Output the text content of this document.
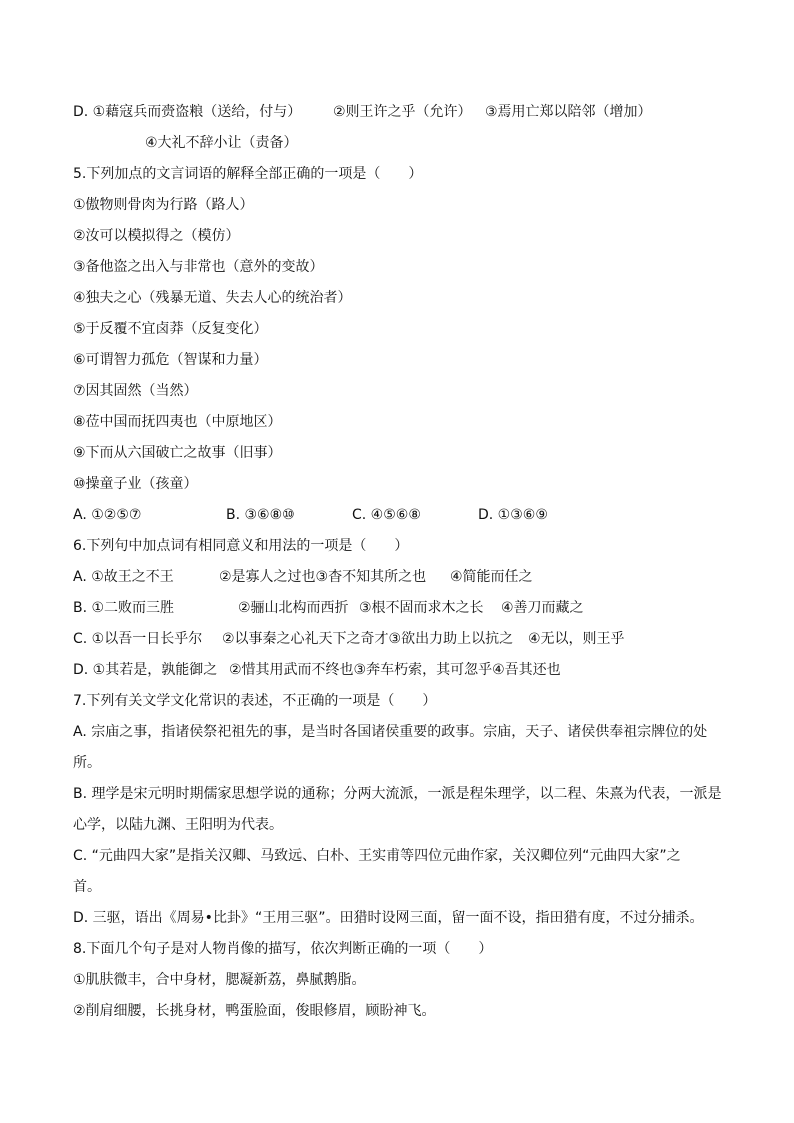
D. ①藉寇兵而赍盗粮（送给，付与） ②则王许之乎（允许） ③焉用亡郑以陪邻（增加）
④大礼不辞小让（责备）
5.下列加点的文言词语的解释全部正确的一项是（　　）
①傲物则骨肉为行路（路人）
②汝可以模拟得之（模仿）
③备他盗之出入与非常也（意外的变故）
④独夫之心（残暴无道、失去人心的统治者）
⑤于反覆不宜卤莽（反复变化）
⑥可谓智力孤危（智谋和力量）
⑦因其固然（当然）
⑧莅中国而抚四夷也（中原地区）
⑨下而从六国破亡之故事（旧事）
⑩操童子业（孩童）
A. ①②⑤⑦	B. ③⑥⑧⑩	C. ④⑤⑥⑧	D. ①③⑥⑨
6.下列句中加点词有相同意义和用法的一项是（　　）
A. ①故王之不王	②是寡人之过也③杳不知其所之也 ④简能而任之
B. ①二败而三胜	②骊山北构而西折 ③根不固而求木之长 ④善刀而藏之
C. ①以吾一日长乎尔 ②以事秦之心礼天下之奇才③欲出力助上以抗之 ④无以，则王乎
D. ①其若是，孰能御之 ②惜其用武而不终也③奔车朽索，其可忽乎④吾其还也
7.下列有关文学文化常识的表述，不正确的一项是（　　）
A. 宗庙之事，指诸侯祭祀祖先的事，是当时各国诸侯重要的政事。宗庙，天子、诸侯供奉祖宗牌位的处
所。
B. 理学是宋元明时期儒家思想学说的通称；分两大流派，一派是程朱理学，以二程、朱熹为代表，一派是
心学，以陆九渊、王阳明为代表。
C. “元曲四大家”是指关汉卿、马致远、白朴、王实甫等四位元曲作家，关汉卿位列“元曲四大家”之
首。
D. 三驱，语出《周易•比卦》“王用三驱”。田猎时设网三面，留一面不设，指田猎有度，不过分捕杀。
8.下面几个句子是对人物肖像的描写，依次判断正确的一项（　　）
①肌肤微丰，合中身材，腮凝新荔，鼻腻鹅脂。
②削肩细腰，长挑身材，鸭蛋脸面，俊眼修眉，顾盼神飞。
